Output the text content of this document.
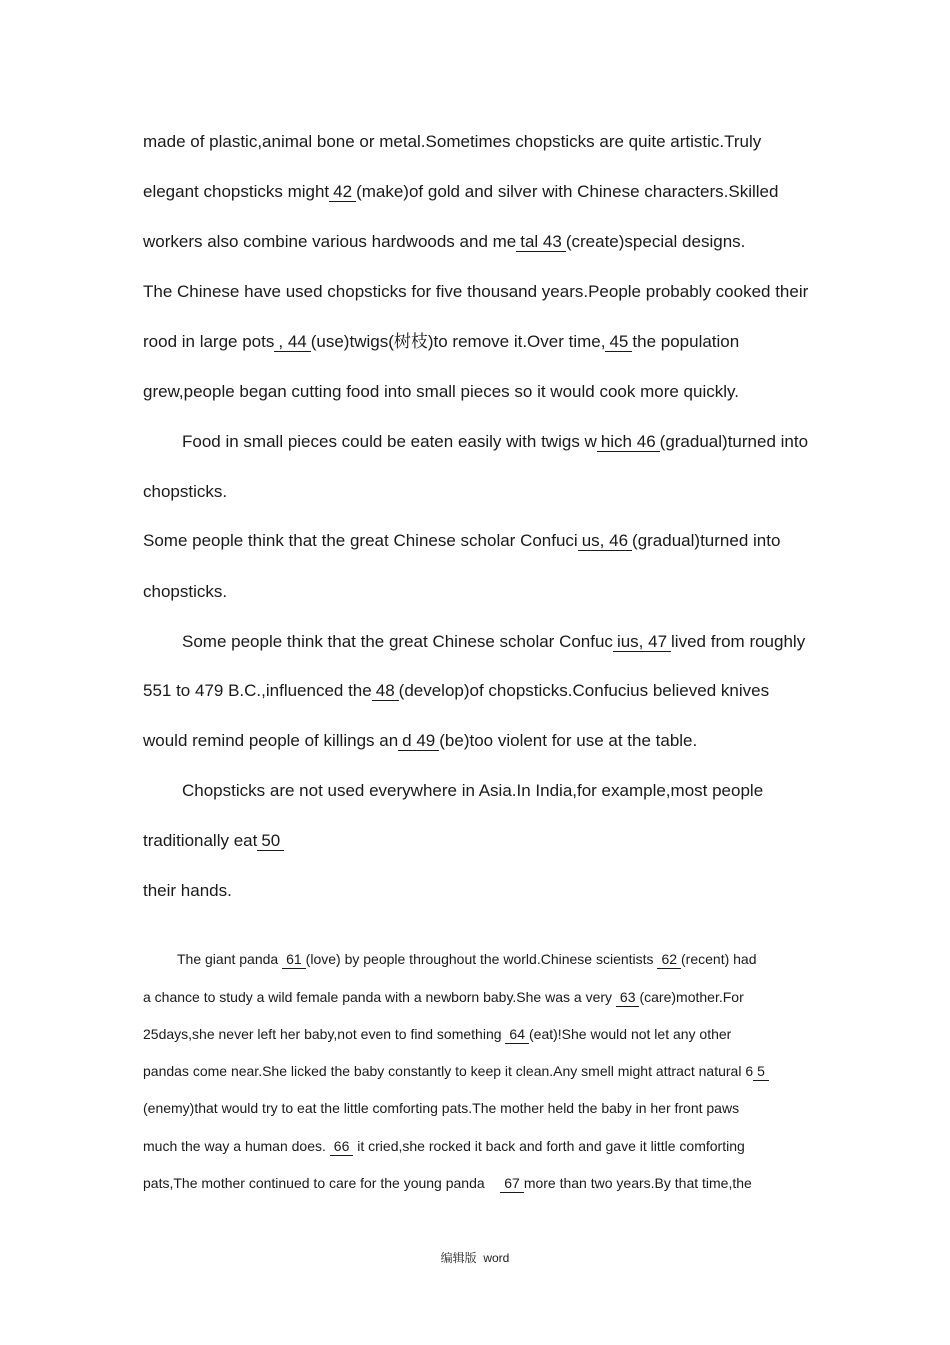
made of plastic,animal bone or metal.Sometimes chopsticks are quite artistic.Truly
elegant chopsticks might 42 (make)of gold and silver with Chinese characters.Skilled
workers also combine various hardwoods and me tal 43 (create)special designs.
The Chinese have used chopsticks for five thousand years.People probably cooked their
rood in large pots , 44 (use)twigs(树枝)to remove it.Over time, 45 the population
grew,people began cutting food into small pieces so it would cook more quickly.
Food in small pieces could be eaten easily with twigs w hich 46 (gradual)turned into
chopsticks.
Some people think that the great Chinese scholar Confuci us, 46 (gradual)turned into
chopsticks.
Some people think that the great Chinese scholar Confuc ius, 47 lived from roughly
551 to 479 B.C.,influenced the 48 (develop)of chopsticks.Confucius believed knives
would remind people of killings an d 49 (be)too violent for use at the table.
Chopsticks are not used everywhere in Asia.In India,for example,most people
traditionally eat50
their hands.
The giant panda 61 (love) by people throughout the world.Chinese scientists 62 (recent) had
a chance to study a wild female panda with a newborn baby.She was a very 63 (care)mother.For
25days,she never left her baby,not even to find something 64 (eat)!She would not let any other
pandas come near.She licked the baby constantly to keep it clean.Any smell might attract natural 6 5
(enemy)that would try to eat the little comforting pats.The mother held the baby in her front paws
much the way a human does. 66 it cried,she rocked it back and forth and gave it little comforting
pats,The mother continued to care for the young panda 67 more than two years.By that time,the
编辑版 word
